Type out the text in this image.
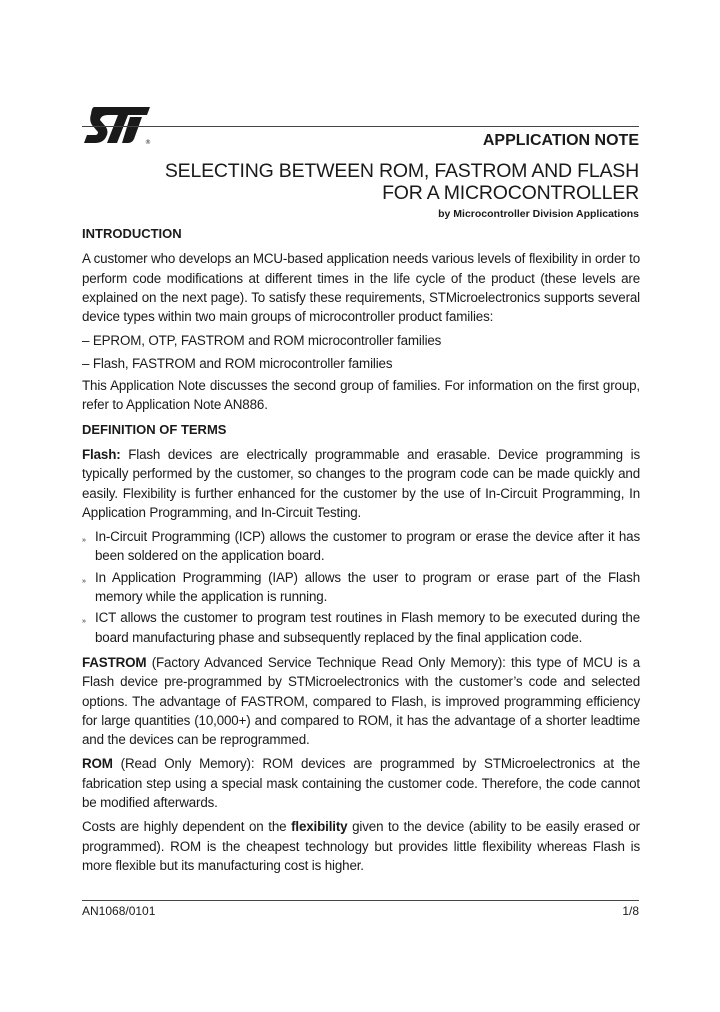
®	APPLICATION NOTE
SELECTING BETWEEN ROM, FASTROM AND FLASH
FOR A MICROCONTROLLER
by Microcontroller Division Applications
INTRODUCTION

A customer who develops an MCU-based application needs various levels of flexibility in order to perform code modifications at different times in the life cycle of the product (these levels are explained on the next page). To satisfy these requirements, STMicroelectronics supports several device types within two main groups of microcontroller product families:

– EPROM, OTP, FASTROM and ROM microcontroller families

– Flash, FASTROM and ROM microcontroller families

This Application Note discusses the second group of families. For information on the first group, refer to Application Note AN886.

DEFINITION OF TERMS

Flash: Flash devices are electrically programmable and erasable. Device programming is typically performed by the customer, so changes to the program code can be made quickly and easily. Flexibility is further enhanced for the customer by the use of In-Circuit Programming, In Application Programming, and In-Circuit Testing.

» In-Circuit Programming (ICP) allows the customer to program or erase the device after it has been soldered on the application board.
» In Application Programming (IAP) allows the user to program or erase part of the Flash memory while the application is running.
» ICT allows the customer to program test routines in Flash memory to be executed during the board manufacturing phase and subsequently replaced by the final application code.

FASTROM (Factory Advanced Service Technique Read Only Memory): this type of MCU is a Flash device pre-programmed by STMicroelectronics with the customer’s code and selected options. The advantage of FASTROM, compared to Flash, is improved programming efficiency for large quantities (10,000+) and compared to ROM, it has the advantage of a shorter leadtime and the devices can be reprogrammed.

ROM (Read Only Memory): ROM devices are programmed by STMicroelectronics at the fabrication step using a special mask containing the customer code. Therefore, the code cannot be modified afterwards.

Costs are highly dependent on the flexibility given to the device (ability to be easily erased or programmed). ROM is the cheapest technology but provides little flexibility whereas Flash is more flexible but its manufacturing cost is higher.

AN1068/0101	1/8
